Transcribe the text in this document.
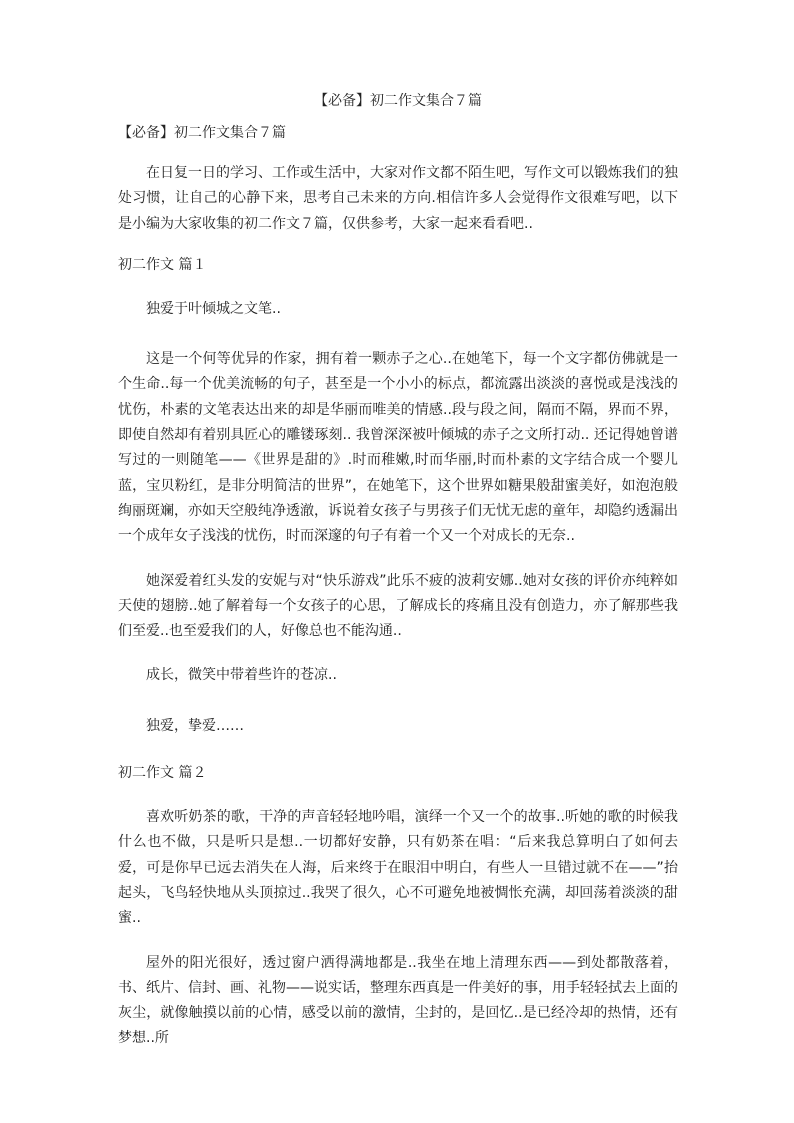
【必备】初二作文集合７篇
【必备】初二作文集合７篇

在日复一日的学习、工作或生活中，大家对作文都不陌生吧，写作文可以锻炼我们的独处习惯，让自己的心静下来，思考自己未来的方向.相信许多人会觉得作文很难写吧，以下是小编为大家收集的初二作文７篇，仅供参考，大家一起来看看吧..

初二作文 篇１

独爱于叶倾城之文笔..

这是一个何等优异的作家，拥有着一颗赤子之心..在她笔下，每一个文字都仿佛就是一个生命..每一个优美流畅的句子，甚至是一个小小的标点，都流露出淡淡的喜悦或是浅浅的忧伤，朴素的文笔表达出来的却是华丽而唯美的情感..段与段之间，隔而不隔，界而不界，即使自然却有着别具匠心的雕镂琢刻.. 我曾深深被叶倾城的赤子之文所打动.. 还记得她曾谱写过的一则随笔——《世界是甜的》.时而稚嫩,时而华丽,时而朴素的文字结合成一个婴儿蓝，宝贝粉红，是非分明简洁的世界”，在她笔下，这个世界如糖果般甜蜜美好，如泡泡般绚丽斑斓，亦如天空般纯净透澈，诉说着女孩子与男孩子们无忧无虑的童年，却隐约透漏出一个成年女子浅浅的忧伤，时而深邃的句子有着一个又一个对成长的无奈..

她深爱着红头发的安妮与对“快乐游戏”此乐不疲的波莉安娜..她对女孩的评价亦纯粹如天使的翅膀..她了解着每一个女孩子的心思，了解成长的疼痛且没有创造力，亦了解那些我们至爱..也至爱我们的人，好像总也不能沟通..

成长，微笑中带着些许的苍凉..

独爱，挚爱……

初二作文 篇２

喜欢听奶茶的歌，干净的声音轻轻地吟唱，演绎一个又一个的故事..听她的歌的时候我什么也不做，只是听只是想..一切都好安静，只有奶茶在唱：“后来我总算明白了如何去爱，可是你早已远去消失在人海，后来终于在眼泪中明白，有些人一旦错过就不在——”抬起头，飞鸟轻快地从头顶掠过..我哭了很久，心不可避免地被惆怅充满，却回荡着淡淡的甜蜜..

屋外的阳光很好，透过窗户洒得满地都是..我坐在地上清理东西——到处都散落着，书、纸片、信封、画、礼物——说实话，整理东西真是一件美好的事，用手轻轻拭去上面的灰尘，就像触摸以前的心情，感受以前的激情，尘封的，是回忆..是已经冷却的热情，还有梦想..所
